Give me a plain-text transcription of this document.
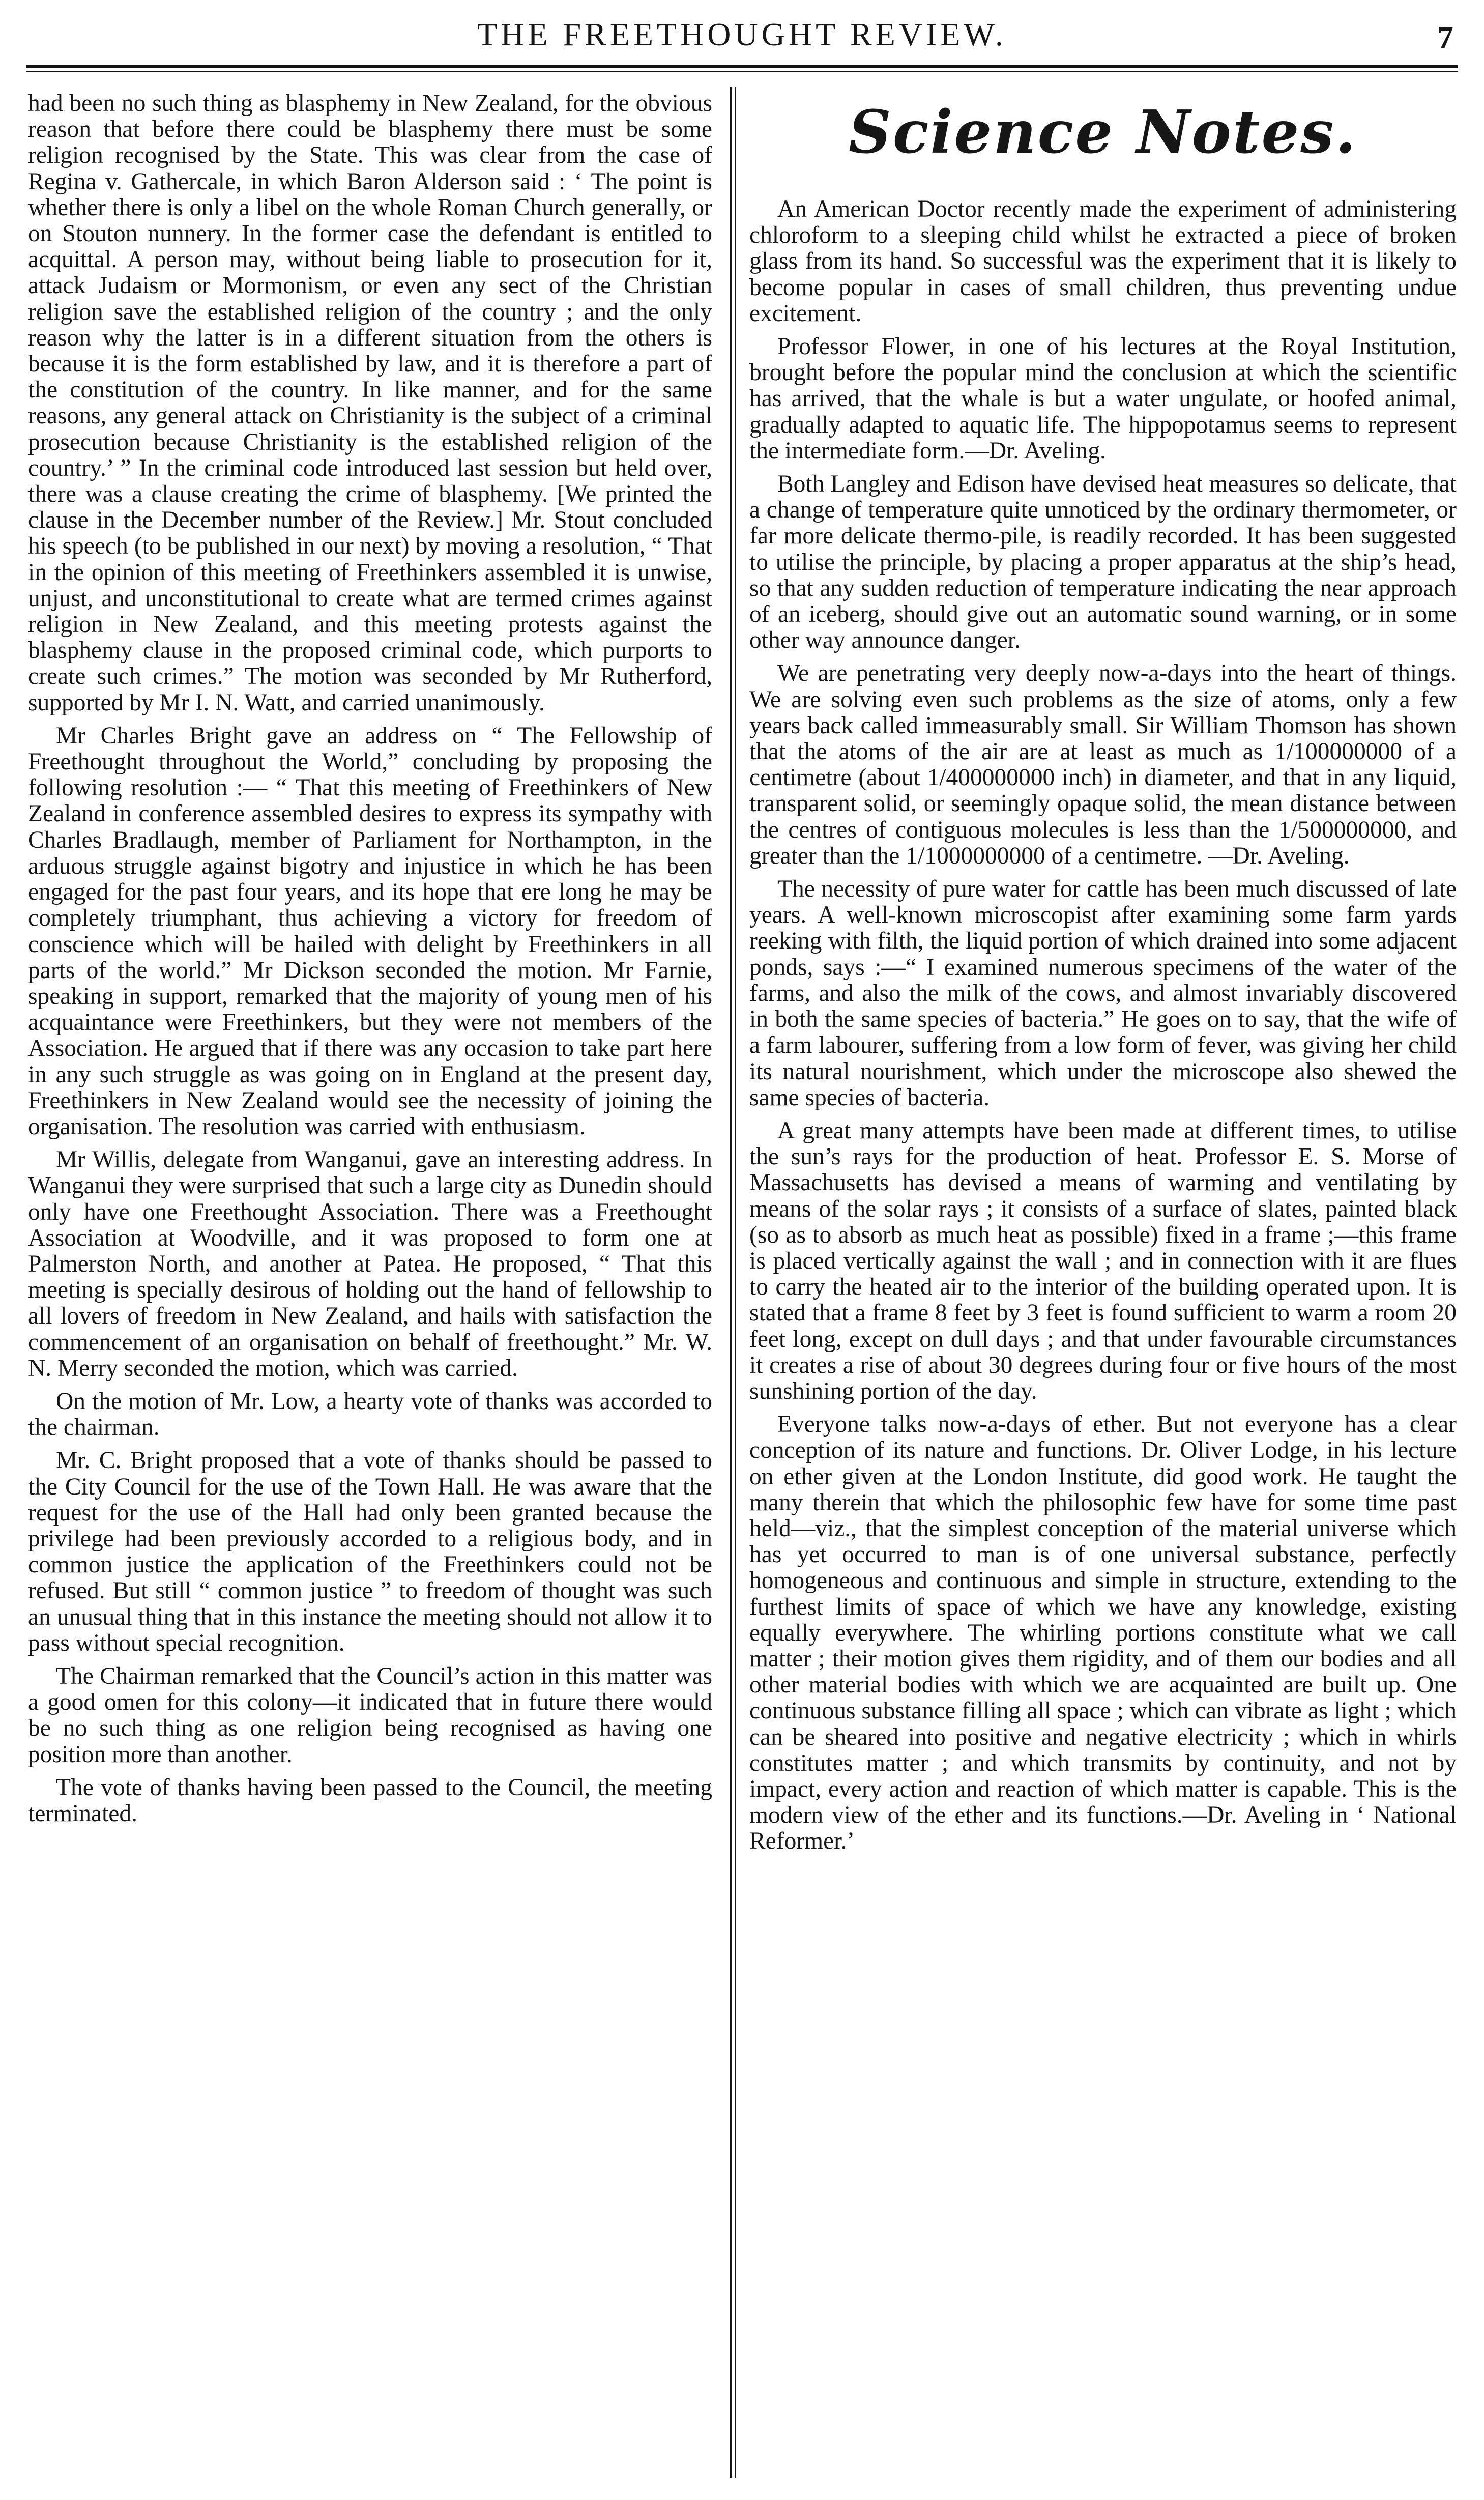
THE FREETHOUGHT REVIEW.	7

had been no such thing as blasphemy in New Zealand, for the obvious reason that before there could be blasphemy there must be some religion recognised by the State. This was clear from the case of Regina v. Gathercale, in which Baron Alderson said : ‘ The point is whether there is only a libel on the whole Roman Church generally, or on Stouton nunnery. In the former case the defendant is entitled to acquittal. A person may, without being liable to prosecution for it, attack Judaism or Mormonism, or even any sect of the Christian religion save the established religion of the country ; and the only reason why the latter is in a different situation from the others is because it is the form established by law, and it is therefore a part of the constitution of the country. In like manner, and for the same reasons, any general attack on Christianity is the subject of a criminal prosecution because Christianity is the established religion of the country.’ ” In the criminal code introduced last session but held over, there was a clause creating the crime of blasphemy. [We printed the clause in the December number of the Review.] Mr. Stout concluded his speech (to be published in our next) by moving a resolution, “ That in the opinion of this meeting of Freethinkers assembled it is unwise, unjust, and unconstitutional to create what are termed crimes against religion in New Zealand, and this meeting protests against the blasphemy clause in the proposed criminal code, which purports to create such crimes.” The motion was seconded by Mr Rutherford, supported by Mr I. N. Watt, and carried unanimously.

Mr Charles Bright gave an address on “ The Fellowship of Freethought throughout the World,” concluding by proposing the following resolution :— “ That this meeting of Freethinkers of New Zealand in conference assembled desires to express its sympathy with Charles Bradlaugh, member of Parliament for Northampton, in the arduous struggle against bigotry and injustice in which he has been engaged for the past four years, and its hope that ere long he may be completely triumphant, thus achieving a victory for freedom of conscience which will be hailed with delight by Freethinkers in all parts of the world.” Mr Dickson seconded the motion. Mr Farnie, speaking in support, remarked that the majority of young men of his acquaintance were Freethinkers, but they were not members of the Association. He argued that if there was any occasion to take part here in any such struggle as was going on in England at the present day, Freethinkers in New Zealand would see the necessity of joining the organisation. The resolution was carried with enthusiasm.

Mr Willis, delegate from Wanganui, gave an interesting address. In Wanganui they were surprised that such a large city as Dunedin should only have one Freethought Association. There was a Freethought Association at Woodville, and it was proposed to form one at Palmerston North, and another at Patea. He proposed, “ That this meeting is specially desirous of holding out the hand of fellowship to all lovers of freedom in New Zealand, and hails with satisfaction the commencement of an organisation on behalf of freethought.” Mr. W. N. Merry seconded the motion, which was carried.

On the motion of Mr. Low, a hearty vote of thanks was accorded to the chairman.

Mr. C. Bright proposed that a vote of thanks should be passed to the City Council for the use of the Town Hall. He was aware that the request for the use of the Hall had only been granted because the privilege had been previously accorded to a religious body, and in common justice the application of the Freethinkers could not be refused. But still “ common justice ” to freedom of thought was such an unusual thing that in this instance the meeting should not allow it to pass without special recognition.

The Chairman remarked that the Council’s action in this matter was a good omen for this colony—it indicated that in future there would be no such thing as one religion being recognised as having one position more than another.

The vote of thanks having been passed to the Council, the meeting terminated.

Science Notes.

An American Doctor recently made the experiment of administering chloroform to a sleeping child whilst he extracted a piece of broken glass from its hand. So successful was the experiment that it is likely to become popular in cases of small children, thus preventing undue excitement.

Professor Flower, in one of his lectures at the Royal Institution, brought before the popular mind the conclusion at which the scientific has arrived, that the whale is but a water ungulate, or hoofed animal, gradually adapted to aquatic life. The hippopotamus seems to represent the intermediate form.—Dr. Aveling.

Both Langley and Edison have devised heat measures so delicate, that a change of temperature quite unnoticed by the ordinary thermometer, or far more delicate thermo-pile, is readily recorded. It has been suggested to utilise the principle, by placing a proper apparatus at the ship’s head, so that any sudden reduction of temperature indicating the near approach of an iceberg, should give out an automatic sound warning, or in some other way announce danger.

We are penetrating very deeply now-a-days into the heart of things. We are solving even such problems as the size of atoms, only a few years back called immeasurably small. Sir William Thomson has shown that the atoms of the air are at least as much as 1/100000000 of a centimetre (about 1/400000000 inch) in diameter, and that in any liquid, transparent solid, or seemingly opaque solid, the mean distance between the centres of contiguous molecules is less than the 1/500000000, and greater than the 1/1000000000 of a centimetre. —Dr. Aveling.

The necessity of pure water for cattle has been much discussed of late years. A well-known microscopist after examining some farm yards reeking with filth, the liquid portion of which drained into some adjacent ponds, says :—“ I examined numerous specimens of the water of the farms, and also the milk of the cows, and almost invariably discovered in both the same species of bacteria.” He goes on to say, that the wife of a farm labourer, suffering from a low form of fever, was giving her child its natural nourishment, which under the microscope also shewed the same species of bacteria.

A great many attempts have been made at different times, to utilise the sun’s rays for the production of heat. Professor E. S. Morse of Massachusetts has devised a means of warming and ventilating by means of the solar rays ; it consists of a surface of slates, painted black (so as to absorb as much heat as possible) fixed in a frame ;—this frame is placed vertically against the wall ; and in connection with it are flues to carry the heated air to the interior of the building operated upon. It is stated that a frame 8 feet by 3 feet is found sufficient to warm a room 20 feet long, except on dull days ; and that under favourable circumstances it creates a rise of about 30 degrees during four or five hours of the most sunshining portion of the day.

Everyone talks now-a-days of ether. But not everyone has a clear conception of its nature and functions. Dr. Oliver Lodge, in his lecture on ether given at the London Institute, did good work. He taught the many therein that which the philosophic few have for some time past held—viz., that the simplest conception of the material universe which has yet occurred to man is of one universal substance, perfectly homogeneous and continuous and simple in structure, extending to the furthest limits of space of which we have any knowledge, existing equally everywhere. The whirling portions constitute what we call matter ; their motion gives them rigidity, and of them our bodies and all other material bodies with which we are acquainted are built up. One continuous substance filling all space ; which can vibrate as light ; which can be sheared into positive and negative electricity ; which in whirls constitutes matter ; and which transmits by continuity, and not by impact, every action and reaction of which matter is capable. This is the modern view of the ether and its functions.—Dr. Aveling in ‘ National Reformer.’
